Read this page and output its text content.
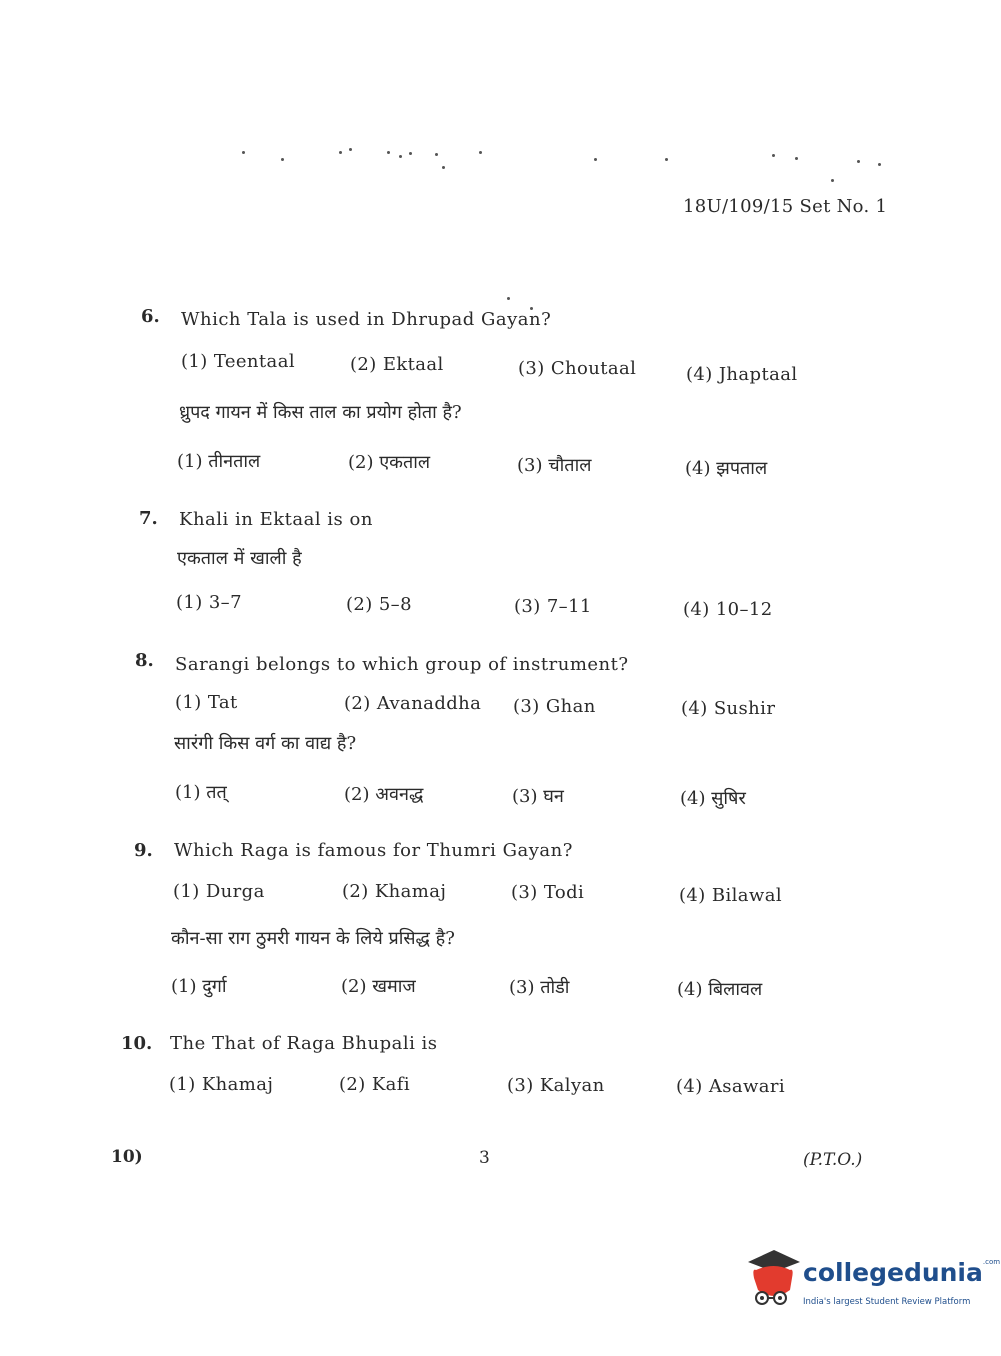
18U/109/15 Set No. 1
6. Which Tala is used in Dhrupad Gayan?
(1) Teentaal	(2) Ektaal	(3) Choutaal	(4) Jhaptaal
ध्रुपद गायन में किस ताल का प्रयोग होता है?
(1) तीनताल	(2) एकताल	(3) चौताल	(4) झपताल
7. Khali in Ektaal is on
एकताल में खाली है
(1) 3–7	(2) 5–8	(3) 7–11	(4) 10–12
8. Sarangi belongs to which group of instrument?
(1) Tat	(2) Avanaddha (3) Ghan	(4) Sushir
सारंगी किस वर्ग का वाद्य है?
(1) तत्	(2) अवनद्ध	(3) घन	(4) सुषिर
9. Which Raga is famous for Thumri Gayan?
(1) Durga	(2) Khamaj	(3) Todi	(4) Bilawal
कौन-सा राग ठुमरी गायन के लिये प्रसिद्ध है?
(1) दुर्गा	(2) खमाज	(3) तोडी	(4) बिलावल
10. The That of Raga Bhupali is
(1) Khamaj	(2) Kafi	(3) Kalyan	(4) Asawari
10)	3	(P.T.O.)
collegedunia$^{.com}$
India's largest Student Review Platform
